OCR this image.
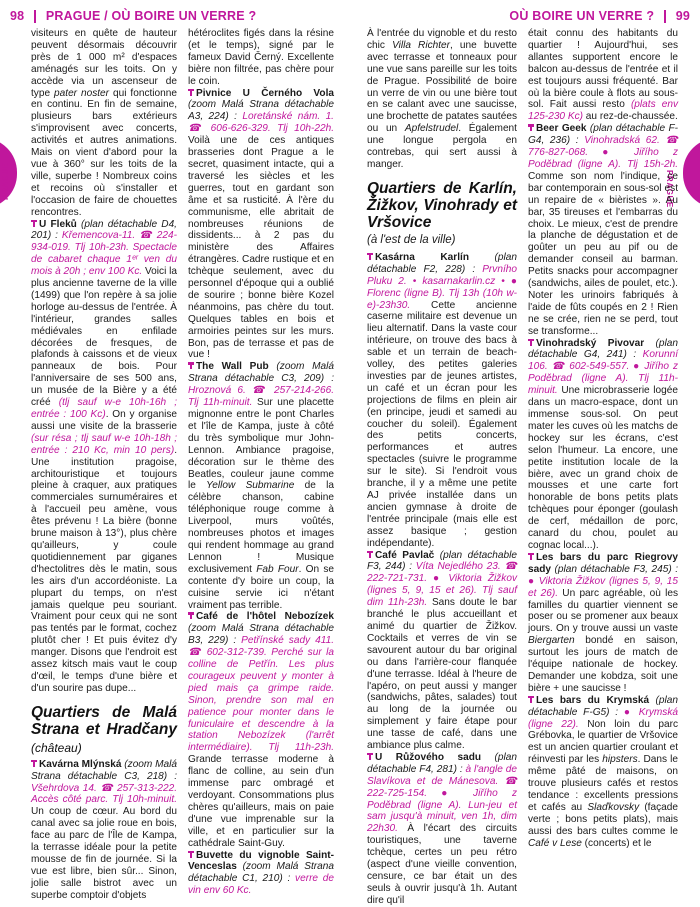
98 PRAGUE / OÙ BOIRE UN VERRE ?	OÙ BOIRE UN VERRE ? 99
PRAGUE	PRAGUE

visiteurs en quête de hauteur peuvent désormais découvrir près de 1 000 m² d'espaces aménagés sur les toits. On y accède via un ascenseur de type pater noster qui fonctionne en continu. En fin de semaine, plusieurs bars extérieurs s'improvisent avec concerts, activités et autres animations. Mais on vient d'abord pour la vue à 360° sur les toits de la ville, superbe ! Nombreux coins et recoins où s'installer et l'occasion de faire de chouettes rencontres.

U Fleků (plan détachable D4, 201) : Křemencova-11. ☎ 224-934-019. Tlj 10h-23h. Spectacle de cabaret chaque 1ᵉʳ ven du mois à 20h ; env 100 Kc. Voici la plus ancienne taverne de la ville (1499) que l'on repère à sa jolie horloge au-dessus de l'entrée. À l'intérieur, grandes salles médiévales en enfilade décorées de fresques, de plafonds à caissons et de vieux panneaux de bois. Pour l'anniversaire de ses 500 ans, un musée de la Bière y a été créé (tlj sauf w-e 10h-16h ; entrée : 100 Kc). On y organise aussi une visite de la brasserie (sur résa ; tlj sauf w-e 10h-18h ; entrée : 210 Kc, min 10 pers). Une institution pragoise, architouristique et toujours pleine à craquer, aux pratiques commerciales surnuméraires et à l'accueil peu amène, vous êtes prévenu ! La bière (bonne brune maison à 13°), plus chère qu'ailleurs, y coule quotidiennement par giganes d'hectolitres dès le matin, sous les airs d'un accordéoniste. La plupart du temps, on n'est jamais quelque peu souriant. Vraiment pour ceux qui ne sont pas tentés par le format, cochez plutôt cher ! Et puis évitez d'y manger. Disons que l'endroit est assez kitsch mais vaut le coup d'œil, le temps d'une bière et d'un sourire pas dupe...

Quartiers de Malá Strana et Hradčany (château)

Kavárna Mlýnská (zoom Malá Strana détachable C3, 218) : Všehrdova 14. ☎ 257-313-222. Accès côté parc. Tlj 10h-minuit. Un coup de cœur. Au bord du canal avec sa jolie roue en bois, face au parc de l'Île de Kampa, la terrasse idéale pour la petite mousse de fin de journée. Si la vue est libre, bien sûr... Sinon, jolie salle bistrot avec un superbe comptoir d'objets

hétéroclites figés dans la résine (et le temps), signé par le fameux David Černý. Excellente bière non filtrée, pas chère pour le coin.

Pivnice U Černého Vola (zoom Malá Strana détachable A3, 224) : Loretánské nám. 1. ☎ 606-626-329. Tlj 10h-22h. Voilà une de ces antiques brasseries dont Prague a le secret, quasiment intacte, qui a traversé les siècles et les guerres, tout en gardant son âme et sa rusticité. À l'ère du communisme, elle abritait de nombreuses réunions de dissidents... à 2 pas du ministère des Affaires étrangères. Cadre rustique et en tchèque seulement, avec du personnel d'époque qui a oublié de sourire ; bonne bière Kozel néanmoins, pas chère du tout. Quelques tables en bois et armoiries peintes sur les murs. Bon, pas de terrasse et pas de vue !

The Wall Pub (zoom Malá Strana détachable C3, 209) : Hroznová 6. ☎ 257-214-266. Tlj 11h-minuit. Sur une placette mignonne entre le pont Charles et l'île de Kampa, juste à côté du très symbolique mur John-Lennon. Ambiance pragoise, décoration sur le thème des Beatles, couleur jaune comme le Yellow Submarine de la célèbre chanson, cabine téléphonique rouge comme à Liverpool, murs voûtés, nombreuses photos et images qui rendent hommage au grand Lennon ! Musique exclusivement Fab Four. On se contente d'y boire un coup, la cuisine servie ici n'étant vraiment pas terrible.

Café de l'hôtel Nebozízek (zoom Malá Strana détachable B3, 229) : Petřínské sady 411. ☎ 602-312-739. Perché sur la colline de Petřín. Les plus courageux peuvent y monter à pied mais ça grimpe raide. Sinon, prendre son mal en patience pour monter dans le funiculaire et descendre à la station Nebozízek (l'arrêt intermédiaire). Tlj 11h-23h. Grande terrasse moderne à flanc de colline, au sein d'un immense parc ombragé et verdoyant. Consommations plus chères qu'ailleurs, mais on paie d'une vue imprenable sur la ville, et en particulier sur la cathédrale Saint-Guy.

Buvette du vignoble Saint-Venceslas (zoom Malá Strana détachable C1, 210) : verre de vin env 60 Kc.

À l'entrée du vignoble et du resto chic Villa Richter, une buvette avec terrasse et tonneaux pour une vue sans pareille sur les toits de Prague. Possibilité de boire un verre de vin ou une bière tout en se calant avec une saucisse, une brochette de patates sautées ou un Apfelstrudel. Également une longue pergola en contrebas, qui sert aussi à manger.

Quartiers de Karlín, Žižkov, Vinohrady et Vršovice
(à l'est de la ville)

Kasárna Karlín (plan détachable F2, 228) : Prvního Pluku 2. • kasarnakarlin.cz • ● Florenc (ligne B). Tlj 13h (10h w-e)-23h30. Cette ancienne caserne militaire est devenue un lieu alternatif. Dans la vaste cour intérieure, on trouve des bacs à sable et un terrain de beach-volley, des petites galeries investies par de jeunes artistes, un café et un écran pour les projections de films en plein air (en principe, jeudi et samedi au coucher du soleil). Également des petits concerts, performances et autres spectacles (suivre le programme sur le site). Si l'endroit vous branche, il y a même une petite AJ privée installée dans un ancien gymnase à droite de l'entrée principale (mais elle est assez basique ; gestion indépendante).

Café Pavlač (plan détachable F3, 244) : Víta Nejedlého 23. ☎ 222-721-731. ● Viktoria Žižkov (lignes 5, 9, 15 et 26). Tlj sauf dim 11h-23h. Sans doute le bar branché le plus accueillant et animé du quartier de Žižkov. Cocktails et verres de vin se savourent autour du bar original ou dans l'arrière-cour flanquée d'une terrasse. Idéal à l'heure de l'apéro, on peut aussi y manger (sandwichs, pâtes, salades) tout au long de la journée ou simplement y faire étape pour une tasse de café, dans une ambiance plus calme.

U Růžového sadu (plan détachable F4, 281) : à l'angle de Slavíkova et de Mánesova. ☎ 222-725-154. ● Jiřího z Poděbrad (ligne A). Lun-jeu et sam jusqu'à minuit, ven 1h, dim 22h30. À l'écart des circuits touristiques, une taverne tchèque, certes un peu rétro (aspect d'une vieille convention, censure, ce bar était un des seuls à ouvrir jusqu'à 1h. Autant dire qu'il

était connu des habitants du quartier ! Aujourd'hui, ses allantes supportent encore le balcon au-dessus de l'entrée et il est toujours aussi fréquenté. Bar où la bière coule à flots au sous-sol. Fait aussi resto (plats env 125-230 Kc) au rez-de-chaussée.

Beer Geek (plan détachable F-G4, 236) : Vinohradská 62. ☎ 776-827-068. ● Jiřího z Poděbrad (ligne A). Tlj 15h-2h. Comme son nom l'indique, ce bar contemporain en sous-sol est un repaire de « bièristes ». Au bar, 35 tireuses et l'embarras du choix. Le mieux, c'est de prendre la planche de dégustation et de goûter un peu au pif ou de demander conseil au barman. Petits snacks pour accompagner (sandwichs, ailes de poulet, etc.). Noter les urinoirs fabriqués à l'aide de fûts coupés en 2 ! Rien ne se crée, rien ne se perd, tout se transforme...

Vinohradský Pivovar (plan détachable G4, 241) : Korunní 106. ☎ 602-549-557. ● Jiřího z Poděbrad (ligne A). Tlj 11h-minuit. Une microbrasserie logée dans un macro-espace, dont un immense sous-sol. On peut mater les cuves où les matchs de hockey sur les écrans, c'est selon l'humeur. La encore, une petite institution locale de la bière, avec un grand choix de mousses et une carte fort honorable de bons petits plats tchèques pour éponger (goulash de cerf, médaillon de porc, canard du chou, poulet au cognac local...).

Les bars du parc Riegrovy sady (plan détachable F3, 245) : ● Viktoria Žižkov (lignes 5, 9, 15 et 26). Un parc agréable, où les familles du quartier viennent se poser ou se promener aux beaux jours. On y trouve aussi un vaste Biergarten bondé en saison, surtout les jours de match de l'équipe nationale de hockey. Demander une kobdza, soit une bière + une saucisse !

Les bars du Krymská (plan détachable F-G5) : ● Krymská (ligne 22). Non loin du parc Grébovka, le quartier de Vršovice est un ancien quartier croulant et réinvesti par les hipsters. Dans le même pâté de maisons, on trouve plusieurs cafés et restos tendance : excellents pressions et cafés au Slaďkovsky (façade verte ; bons petits plats), mais aussi des bars cultes comme le Café v Lese (concerts) et le
